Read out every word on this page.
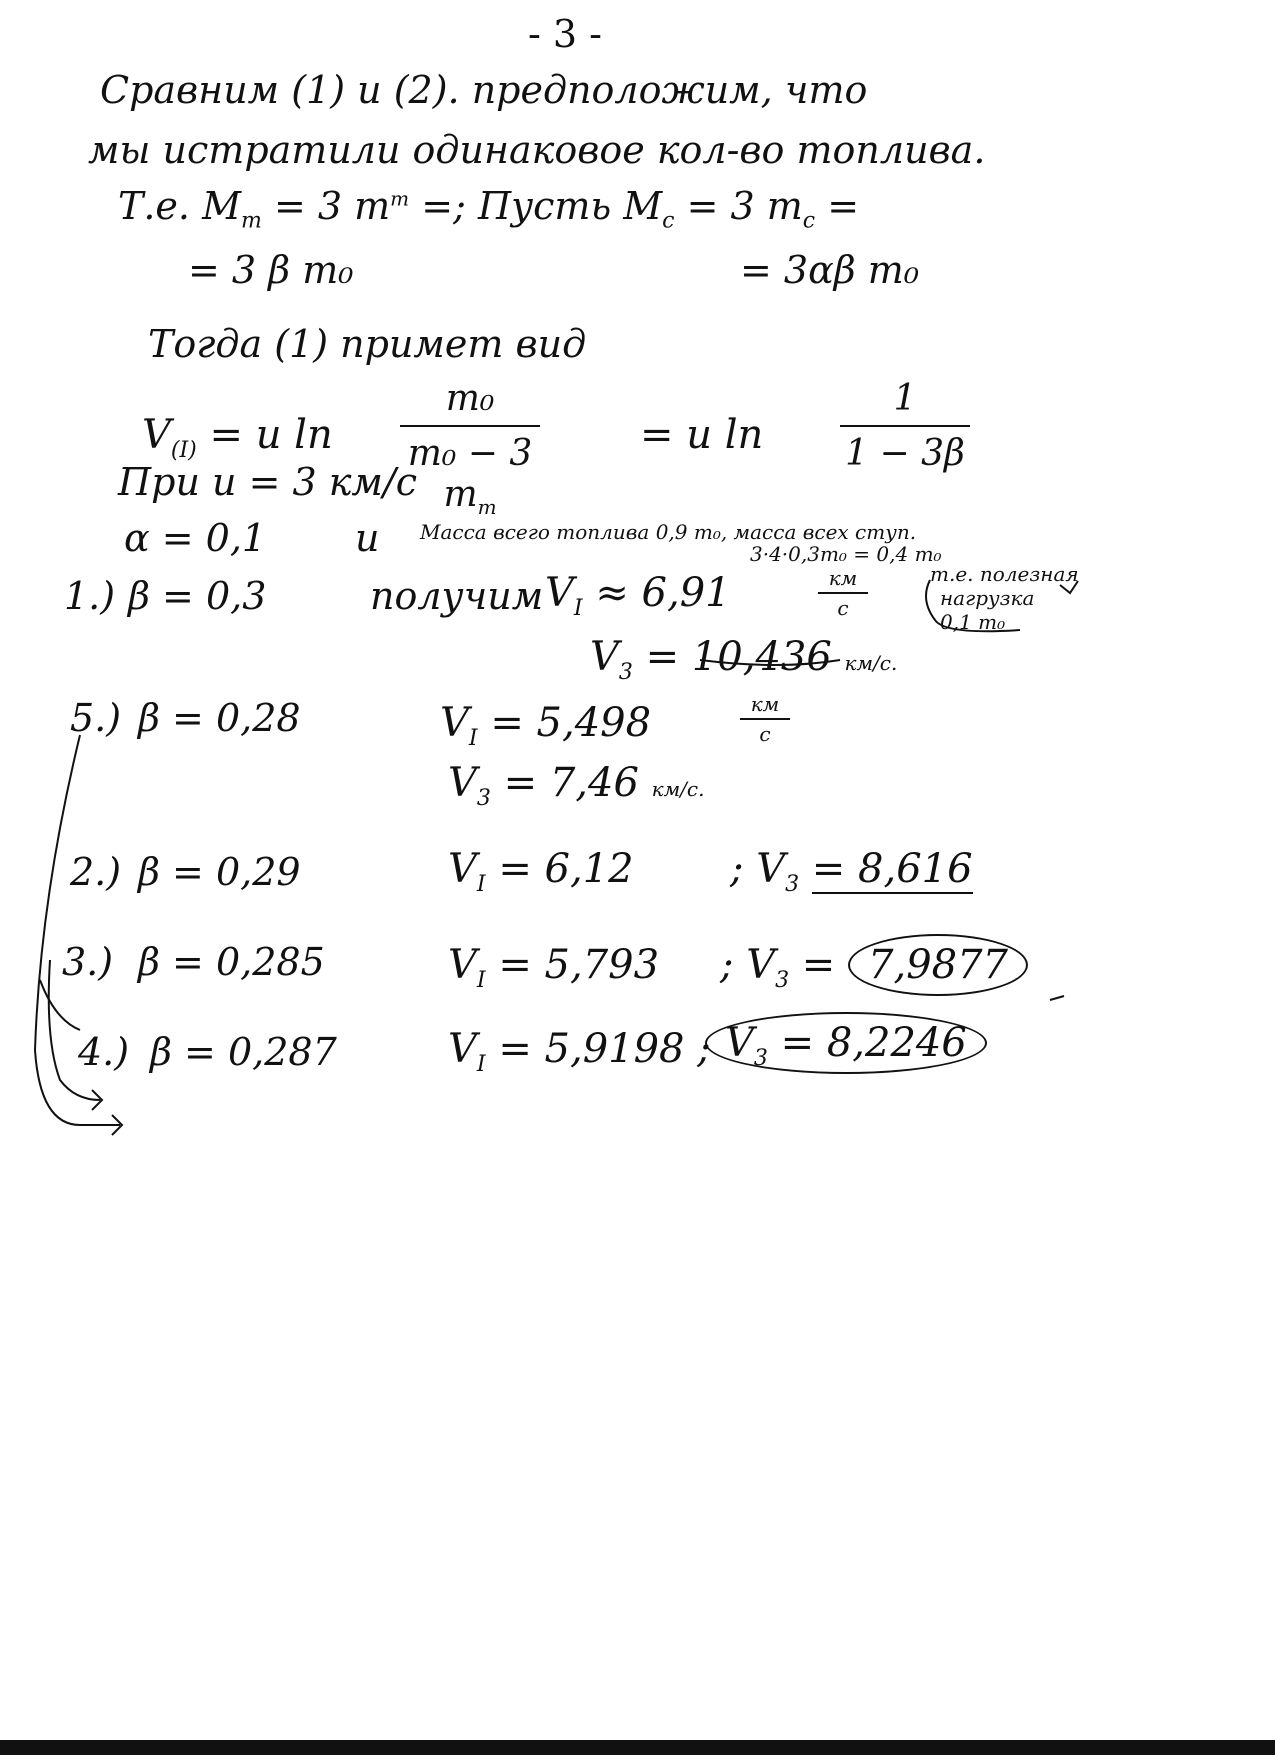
- 3 -
Сравним (1) и (2). предположим, что
мы истратили одинаковое кол-во топлива.
Т.е. $M_т = 3$ $m^т$ =; Пусть $M_с = 3$ $m_с$ =
= 3 β m₀	= 3αβ m₀
Тогда (1) примет вид
$V_{(I)} = u$ ln
m₀
m₀ − 3 $m_т$
= u ln
1
1 − 3β
При u = 3 км/с
α = 0,1 и Масса всего топлива 0,9 m₀, масса всех ступ.
3·4·0,3m₀ = 0,4 m₀
т.е. полезная
нагрузка
0,1 m₀
1.) β = 0,3	получим $V_I \approx 6,91$	км
с
$V_3 = 10,436$ км/с.
5.) β = 0,28	$V_I = 5,498$	км
с
$V_3 = 7,46$ км/с.
2.) β = 0,29	$V_I = 6,12$ ; $V_3 = 8,616$
3.) β = 0,285	$V_I = 5,793$ ; $V_3 = 7,9877$
4.) β = 0,287	$V_I = 5,9198$ ; $V_3 = 8,2246$
